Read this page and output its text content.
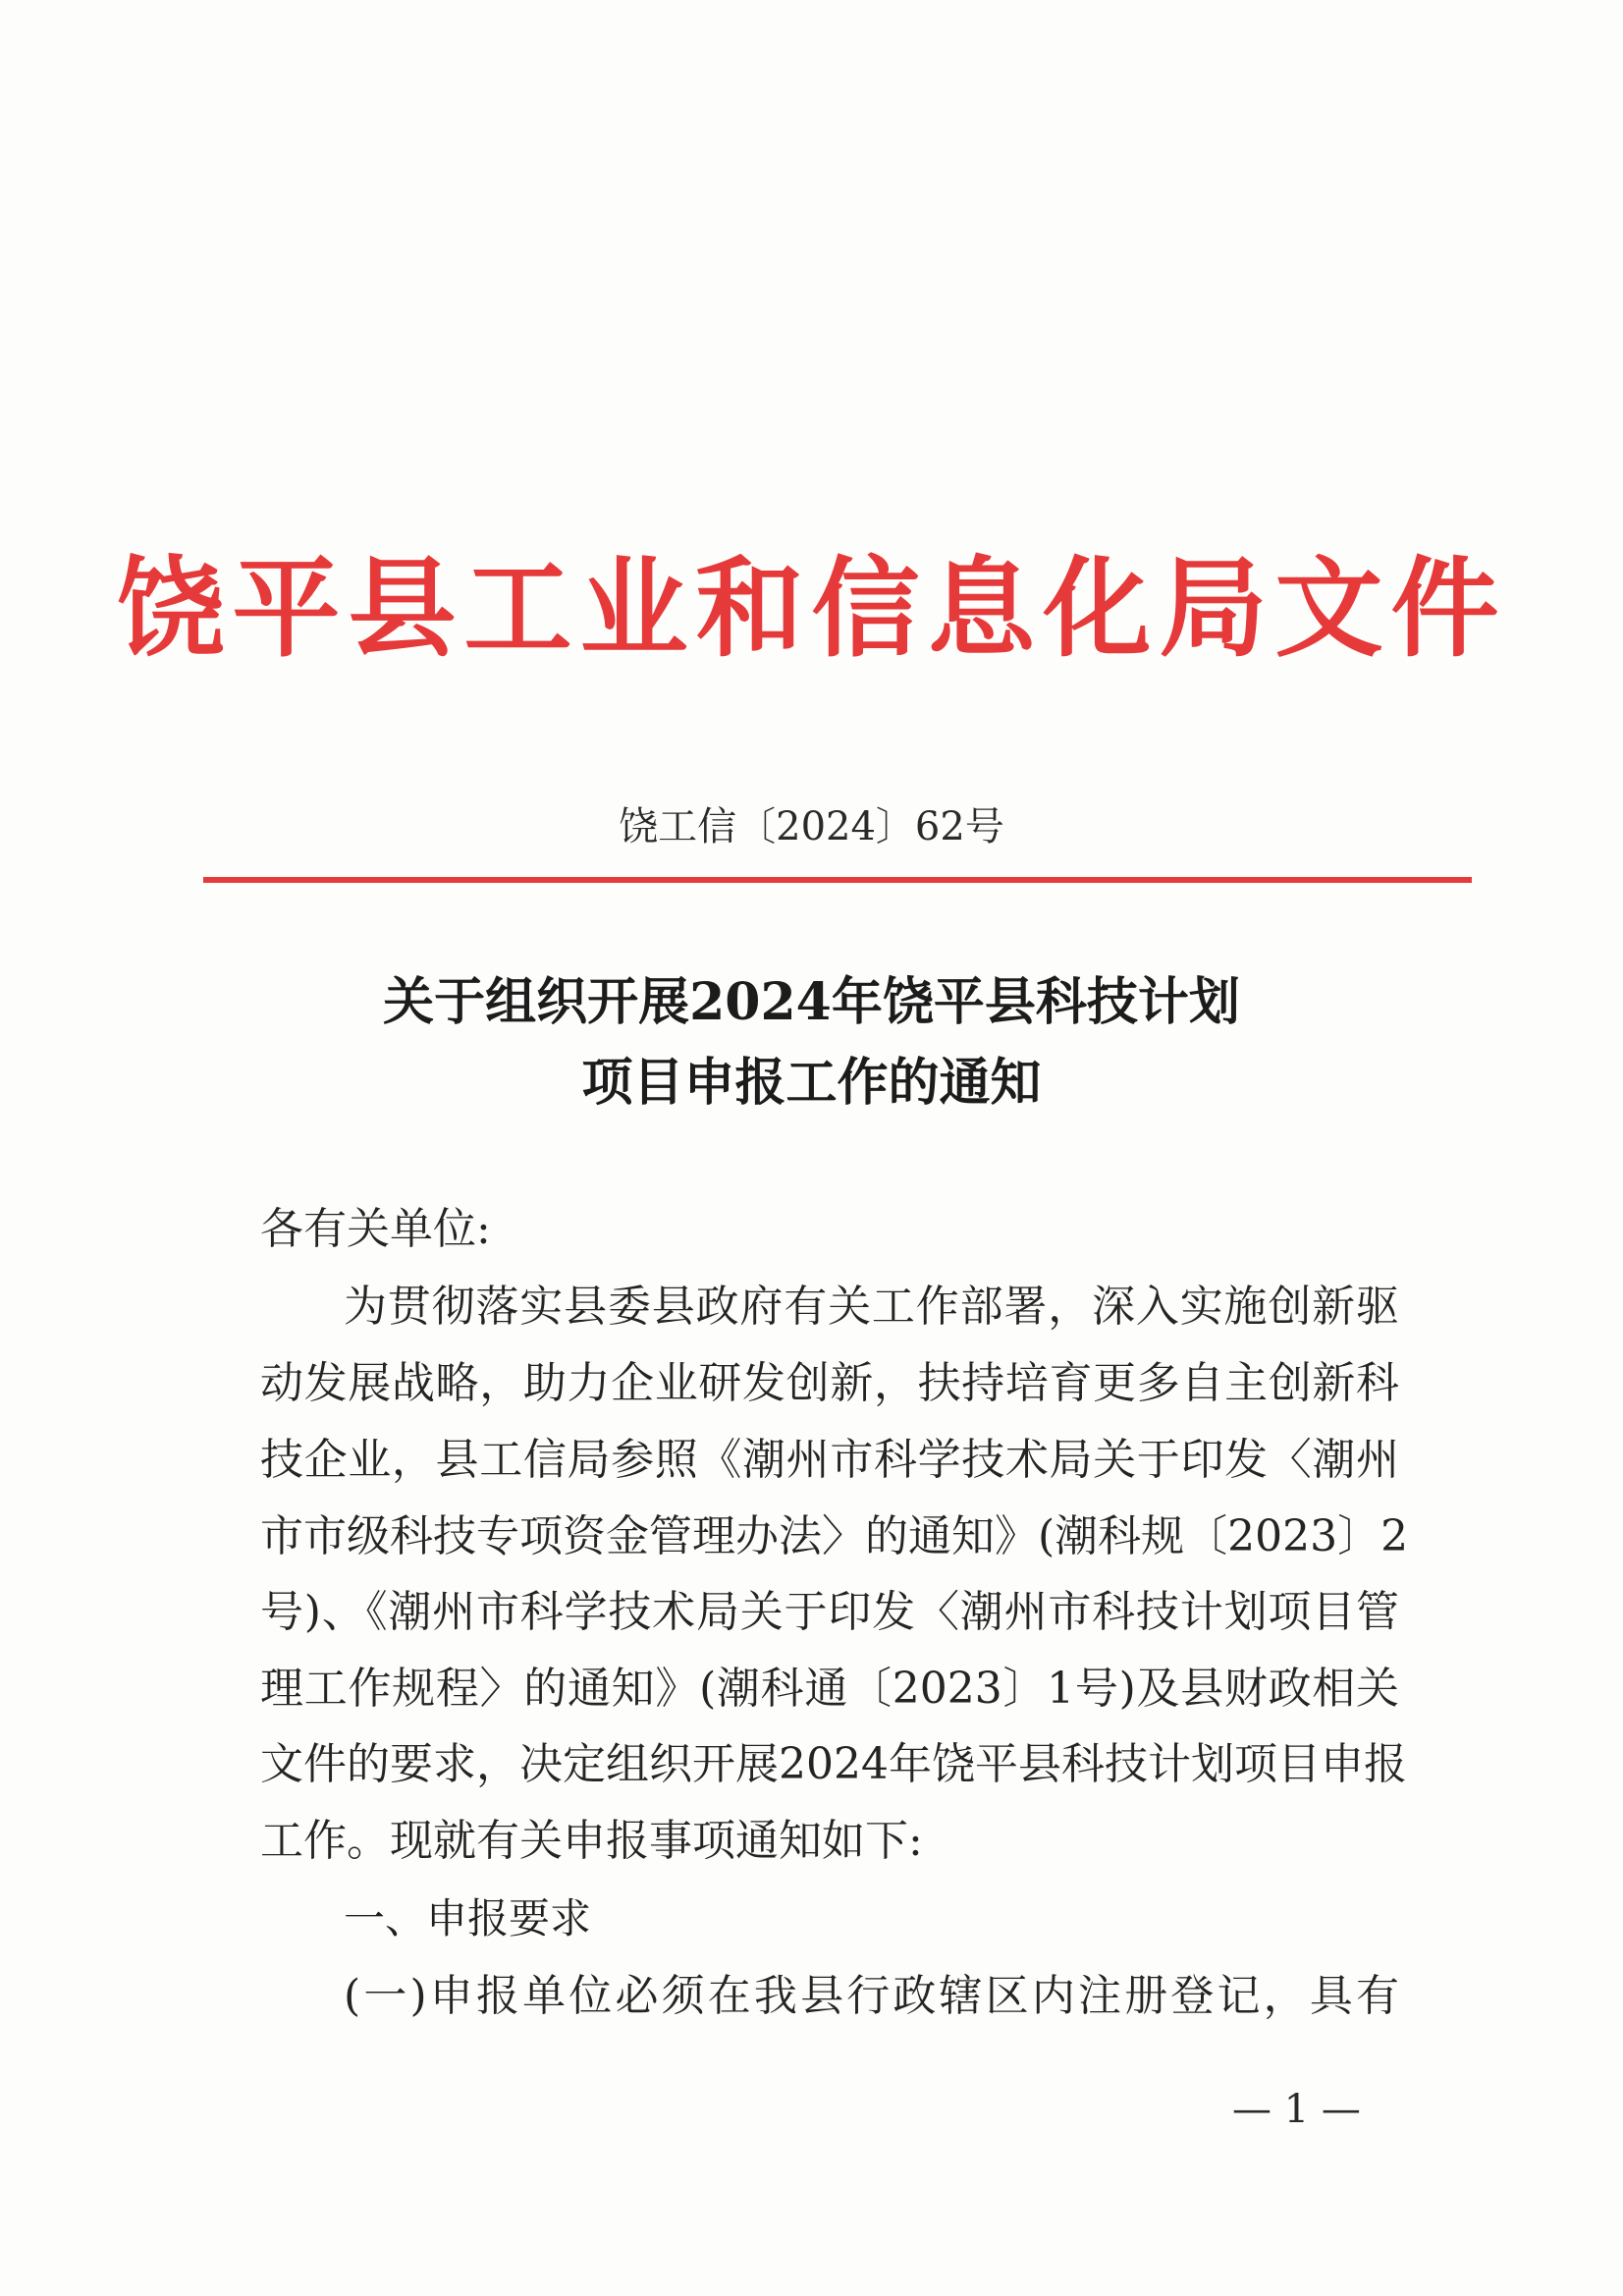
饶平县工业和信息化局文件
饶工信〔2024〕62号
关于组织开展2024年饶平县科技计划
项目申报工作的通知
各有关单位:
为贯彻落实县委县政府有关工作部署，深入实施创新驱
动发展战略，助力企业研发创新，扶持培育更多自主创新科
技企业，县工信局参照《潮州市科学技术局关于印发〈潮州
市市级科技专项资金管理办法〉的通知》(潮科规〔2023〕2
号)、《潮州市科学技术局关于印发〈潮州市科技计划项目管
理工作规程〉的通知》(潮科通〔2023〕1号)及县财政相关
文件的要求，决定组织开展2024年饶平县科技计划项目申报
工作。现就有关申报事项通知如下:
一、申报要求
(一)申报单位必须在我县行政辖区内注册登记，具有
— 1 —
